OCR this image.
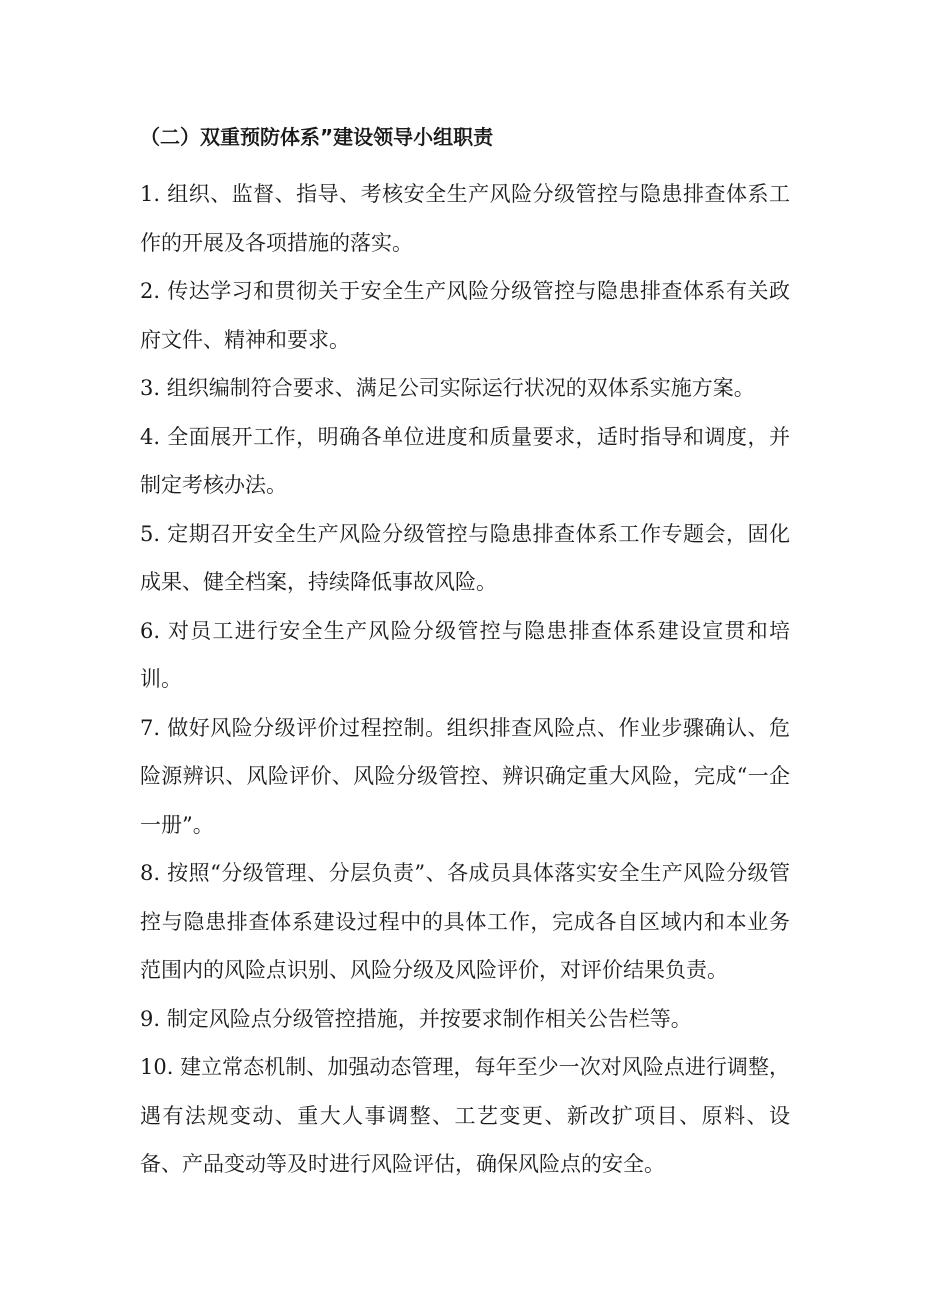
（二）双重预防体系”建设领导小组职责

1. 组织、监督、指导、考核安全生产风险分级管控与隐患排查体系工作的开展及各项措施的落实。

2. 传达学习和贯彻关于安全生产风险分级管控与隐患排查体系有关政府文件、精神和要求。

3. 组织编制符合要求、满足公司实际运行状况的双体系实施方案。

4. 全面展开工作，明确各单位进度和质量要求，适时指导和调度，并制定考核办法。

5. 定期召开安全生产风险分级管控与隐患排查体系工作专题会，固化成果、健全档案，持续降低事故风险。

6. 对员工进行安全生产风险分级管控与隐患排查体系建设宣贯和培训。

7. 做好风险分级评价过程控制。组织排查风险点、作业步骤确认、危险源辨识、风险评价、风险分级管控、辨识确定重大风险，完成“一企一册”。

8. 按照“分级管理、分层负责”、各成员具体落实安全生产风险分级管控与隐患排查体系建设过程中的具体工作，完成各自区域内和本业务范围内的风险点识别、风险分级及风险评价，对评价结果负责。

9. 制定风险点分级管控措施，并按要求制作相关公告栏等。

10. 建立常态机制、加强动态管理，每年至少一次对风险点进行调整，遇有法规变动、重大人事调整、工艺变更、新改扩项目、原料、设备、产品变动等及时进行风险评估，确保风险点的安全。
